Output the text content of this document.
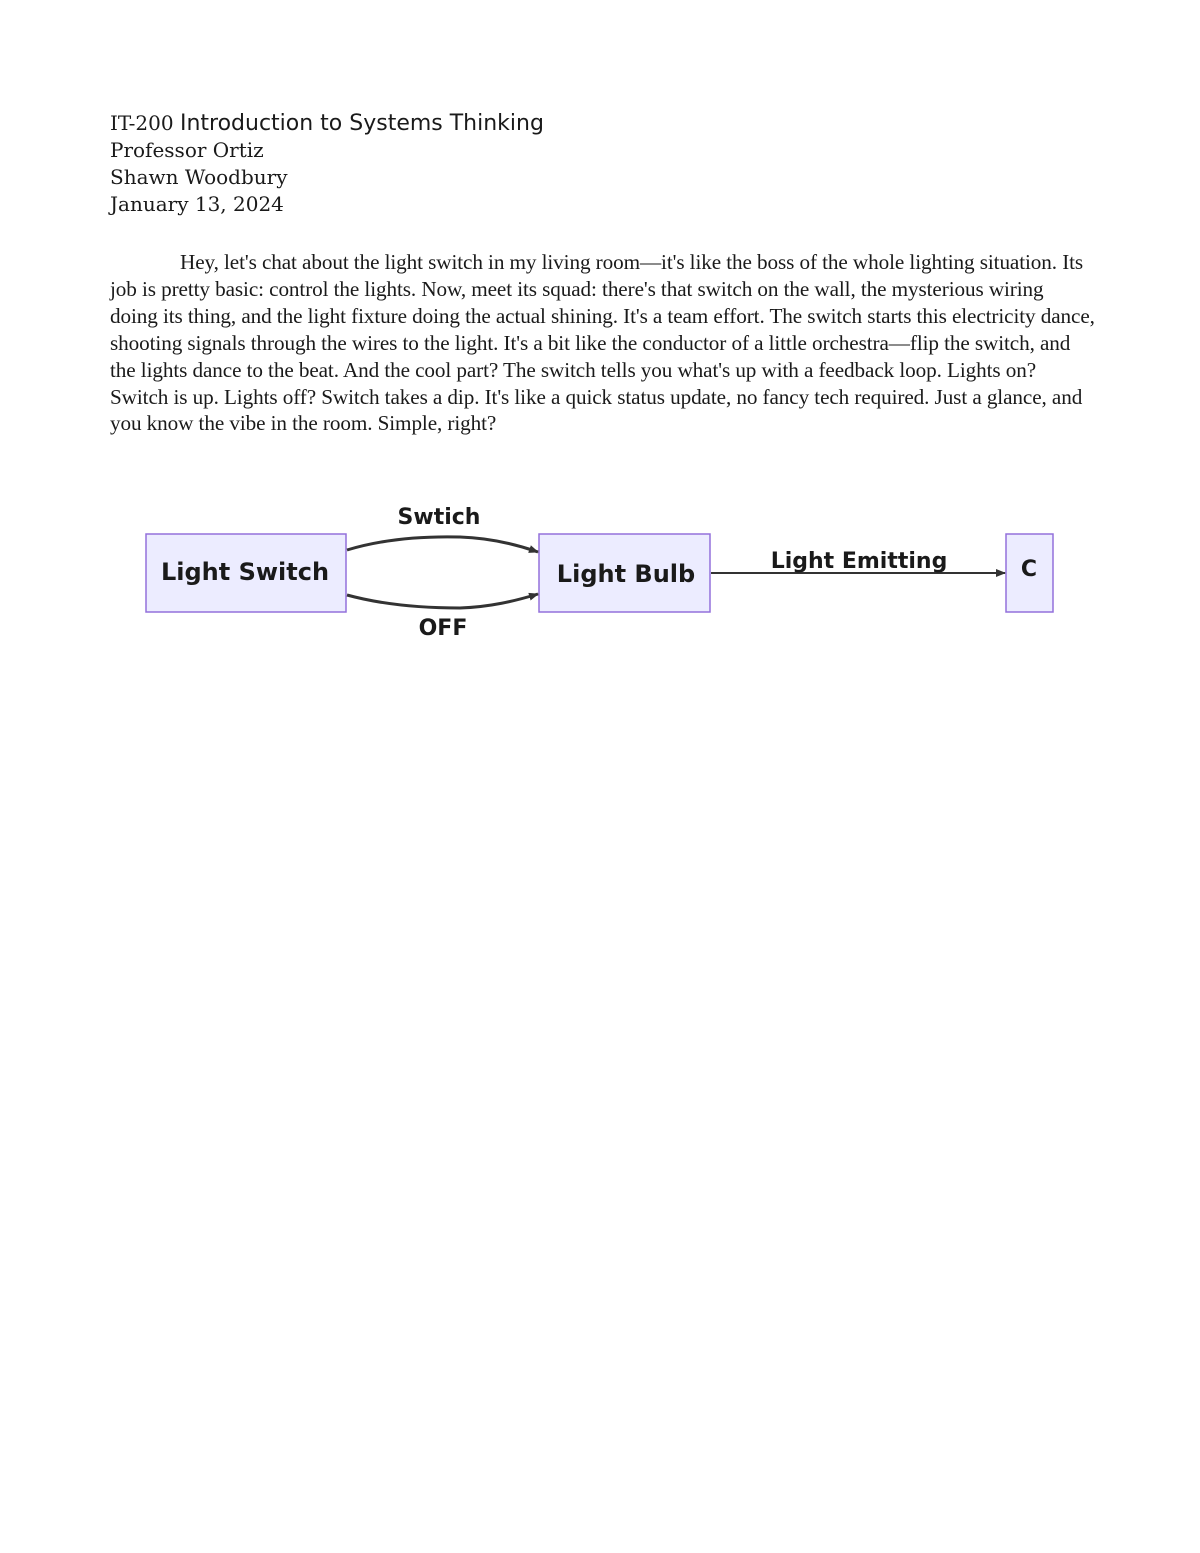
IT-200 Introduction to Systems Thinking
Professor Ortiz
Shawn Woodbury
January 13, 2024

Hey, let's chat about the light switch in my living room—it's like the boss of the whole lighting situation. Its job is pretty basic: control the lights. Now, meet its squad: there's that switch on the wall, the mysterious wiring doing its thing, and the light fixture doing the actual shining. It's a team effort. The switch starts this electricity dance, shooting signals through the wires to the light. It's a bit like the conductor of a little orchestra—flip the switch, and the lights dance to the beat. And the cool part? The switch tells you what's up with a feedback loop. Lights on? Switch is up. Lights off? Switch takes a dip. It's like a quick status update, no fancy tech required. Just a glance, and you know the vibe in the room. Simple, right?

Light Switch	Light Bulb	C
Swtich
OFF
Light Emitting
